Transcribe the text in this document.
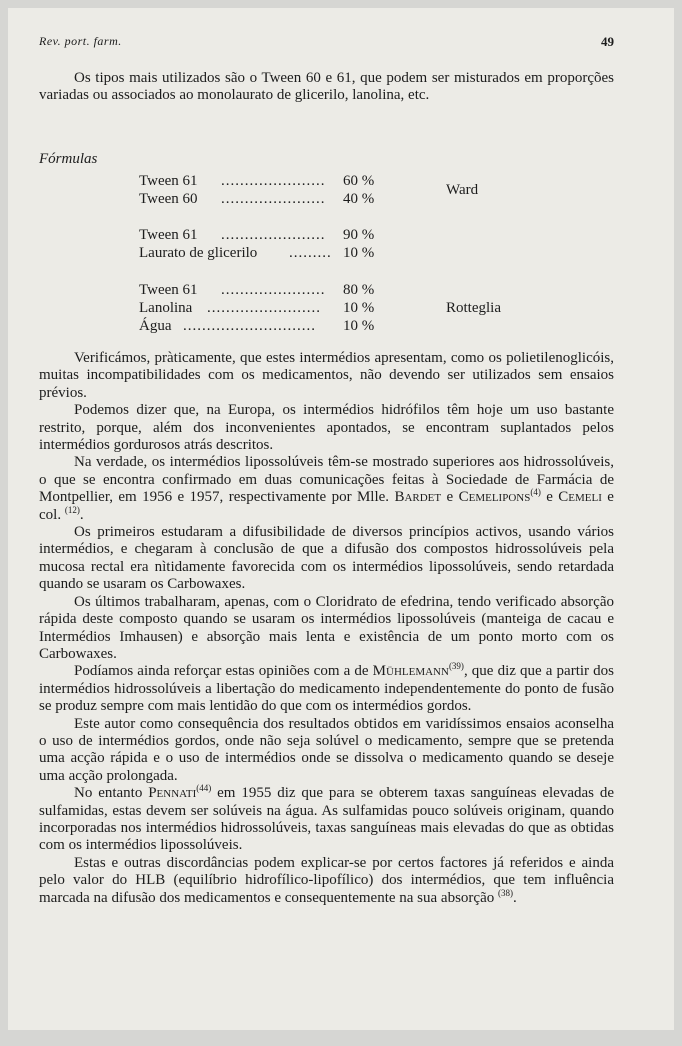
Rev. port. farm.	49

Os tipos mais utilizados são o Tween 60 e 61, que podem ser misturados em proporções variadas ou associados ao monolaurato de glicerilo, lanolina, etc.

Fórmulas
Tween 61 ...................... 60 %
Tween 60 ...................... 40 %
Ward
Tween 61 ...................... 90 %
Laurato de glicerilo ......... 10 %
Tween 61 ...................... 80 %
Lanolina ........................ 10 %
Água ............................ 10 %
Rotteglia

Verificámos, pràticamente, que estes intermédios apresentam, como os polietilenoglicóis, muitas incompatibilidades com os medicamentos, não devendo ser utilizados sem ensaios prévios.

Podemos dizer que, na Europa, os intermédios hidrófilos têm hoje um uso bastante restrito, porque, além dos inconvenientes apontados, se encontram suplantados pelos intermédios gordurosos atrás descritos.

Na verdade, os intermédios lipossolúveis têm-se mostrado superiores aos hidrossolúveis, o que se encontra confirmado em duas comunicações feitas à Sociedade de Farmácia de Montpellier, em 1956 e 1957, respectivamente por Mlle. Bardet e Cemelipons$^{(4)}$ e Cemeli e col. $^{(12)}$.

Os primeiros estudaram a difusibilidade de diversos princípios activos, usando vários intermédios, e chegaram à conclusão de que a difusão dos compostos hidrossolúveis pela mucosa rectal era nìtidamente favorecida com os intermédios lipossolúveis, sendo retardada quando se usaram os Carbowaxes.

Os últimos trabalharam, apenas, com o Cloridrato de efedrina, tendo verificado absorção rápida deste composto quando se usaram os intermédios lipossolúveis (manteiga de cacau e Intermédios Imhausen) e absorção mais lenta e existência de um ponto morto com os Carbowaxes.

Podíamos ainda reforçar estas opiniões com a de Mühlemann$^{(39)}$, que diz que a partir dos intermédios hidrossolúveis a libertação do medicamento independentemente do ponto de fusão se produz sempre com mais lentidão do que com os intermédios gordos.

Este autor como consequência dos resultados obtidos em varidíssimos ensaios aconselha o uso de intermédios gordos, onde não seja solúvel o medicamento, sempre que se pretenda uma acção rápida e o uso de intermédios onde se dissolva o medicamento quando se deseje uma acção prolongada.

No entanto Pennati$^{(44)}$ em 1955 diz que para se obterem taxas sanguíneas elevadas de sulfamidas, estas devem ser solúveis na água. As sulfamidas pouco solúveis originam, quando incorporadas nos intermédios hidrossolúveis, taxas sanguíneas mais elevadas do que as obtidas com os intermédios lipossolúveis.

Estas e outras discordâncias podem explicar-se por certos factores já referidos e ainda pelo valor do HLB (equilíbrio hidrofílico-lipofílico) dos intermédios, que tem influência marcada na difusão dos medicamentos e consequentemente na sua absorção $^{(38)}$.
